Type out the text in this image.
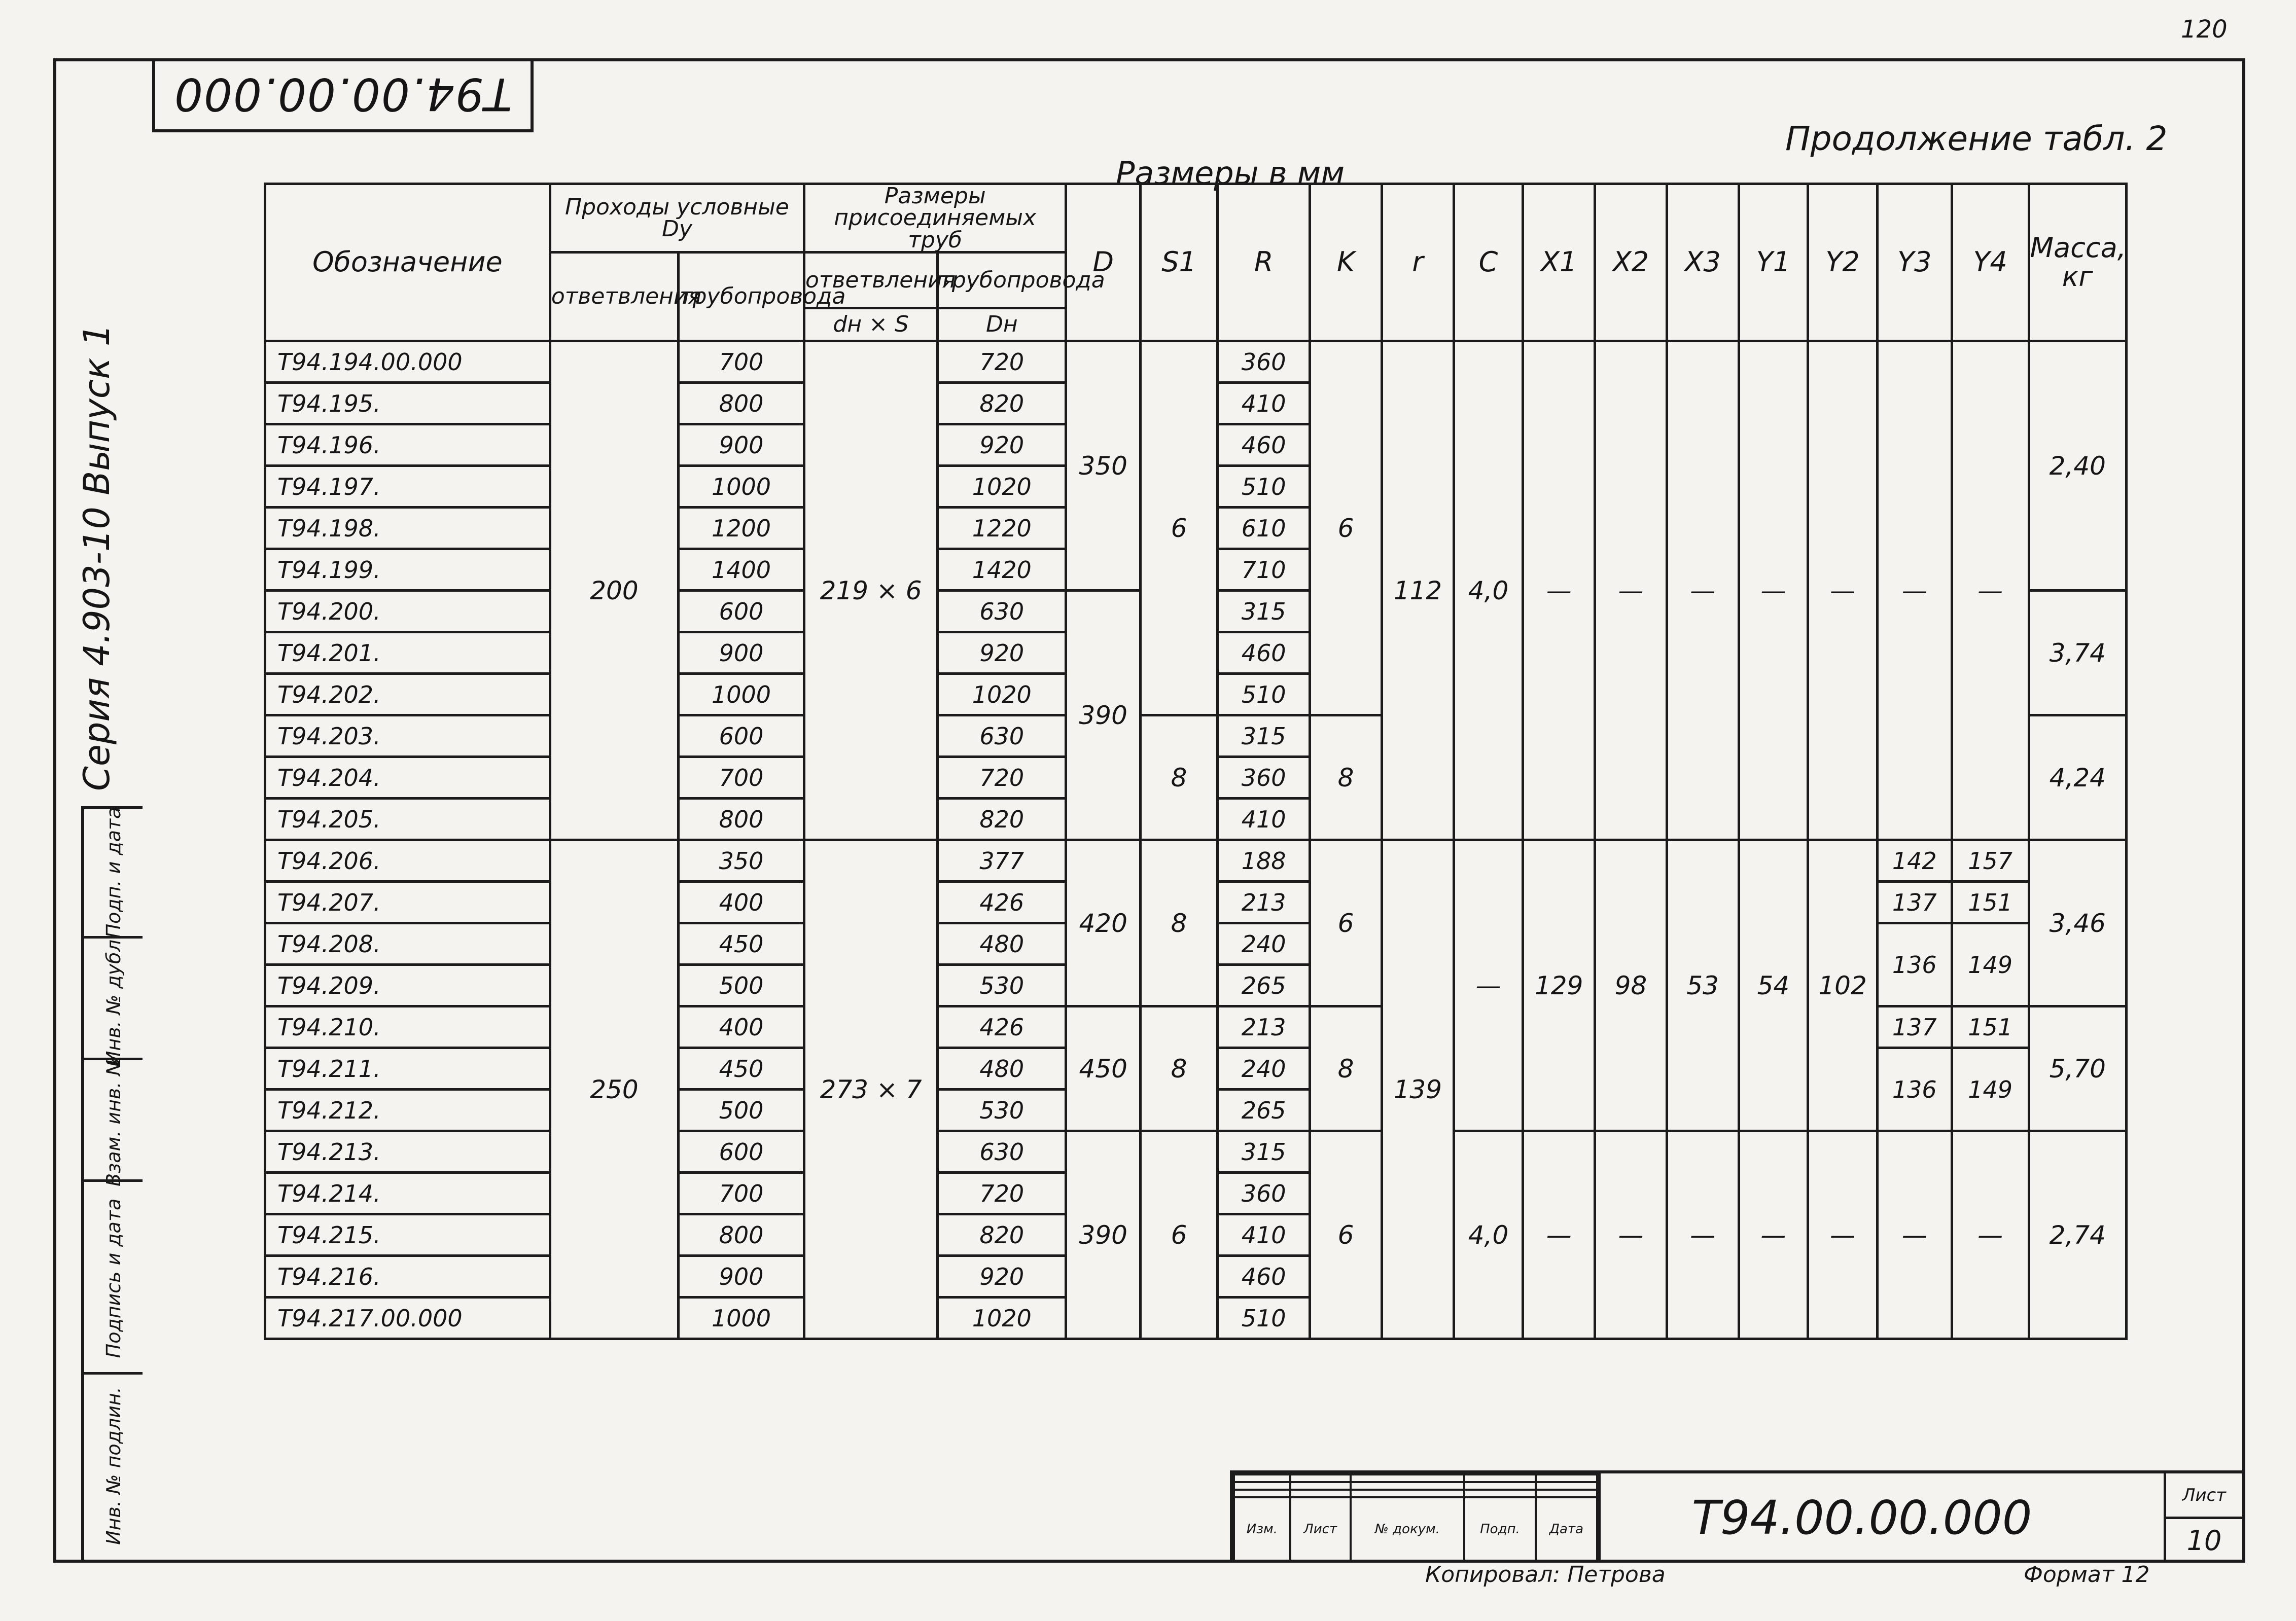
Т94.00.00.000
120
Продолжение табл. 2
Размеры в мм
Серия 4.903-10 Выпуск 1
Подп. и дата
Инв. № дубл.
Взам. инв. №
Подпись и дата
Инв. № подлин.
Обозначение	Проходы условные Dy		Размеры присоединяемых труб		D	S1	R	K	r	C	X1	X2	X3	Y1	Y2	Y3	Y4	Масса, кг
	ответвления	трубопровода	ответвления	трубопровода														
			dн × S	Dн														
Т94.194.00.000	200	700	219 × 6	720	350	6	360	6	112	4,0	—	—	—	—	—	—	—	2,40
Т94.195.		800		820			410											
Т94.196.		900		920			460											
Т94.197.		1000		1020			510											
Т94.198.		1200		1220			610											
Т94.199.		1400		1420			710											
Т94.200.		600		630	390		315											3,74
Т94.201.		900		920			460											
Т94.202.		1000		1020			510											
Т94.203.		600		630		8	315	8										4,24
Т94.204.		700		720			360											
Т94.205.		800		820			410											
Т94.206.	250	350	273 × 7	377	420	8	188	6	139	—	129	98	53	54	102	142	157	3,46
Т94.207.		400		426			213									137	151	
Т94.208.		450		480			240									136	149	
Т94.209.		500		530			265											
Т94.210.		400		426	450	8	213	8								137	151	5,70
Т94.211.		450		480			240									136	149	
Т94.212.		500		530			265											
Т94.213.		600		630	390	6	315	6		4,0	—	—	—	—	—	—	—	2,74
Т94.214.		700		720			360											
Т94.215.		800		820			410											
Т94.216.		900		920			460											
Т94.217.00.000		1000		1020			510											

Изм.	Лист	№ докум.	Подп.	Дата	Т94.00.00.000	Лист
10
Копировал: Петрова	Формат 12
